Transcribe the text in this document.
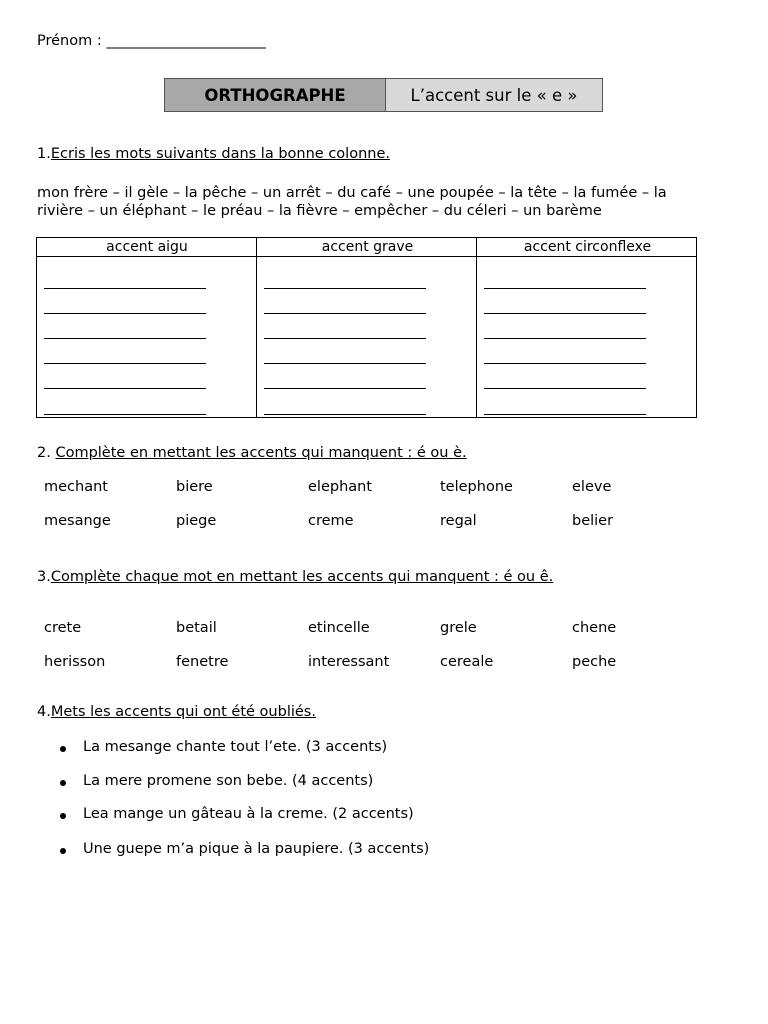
Prénom : ______________________
ORTHOGRAPHE	L’accent sur le « e »
1.Ecris les mots suivants dans la bonne colonne.
mon frère – il gèle – la pêche – un arrêt – du café – une poupée – la tête – la fumée – la
rivière – un éléphant – le préau – la fièvre – empêcher – du céleri – un barème
accent aigu	accent grave	accent circonflexe
2. Complète en mettant les accents qui manquent : é ou è.
mechant	biere	elephant	telephone	eleve
mesange	piege	creme	regal	belier
3.Complète chaque mot en mettant les accents qui manquent : é ou ê.
crete	betail	etincelle	grele	chene
herisson	fenetre	interessant	cereale	peche
4.Mets les accents qui ont été oubliés.
La mesange chante tout l’ete. (3 accents)
La mere promene son bebe. (4 accents)
Lea mange un gâteau à la creme. (2 accents)
Une guepe m’a pique à la paupiere. (3 accents)
